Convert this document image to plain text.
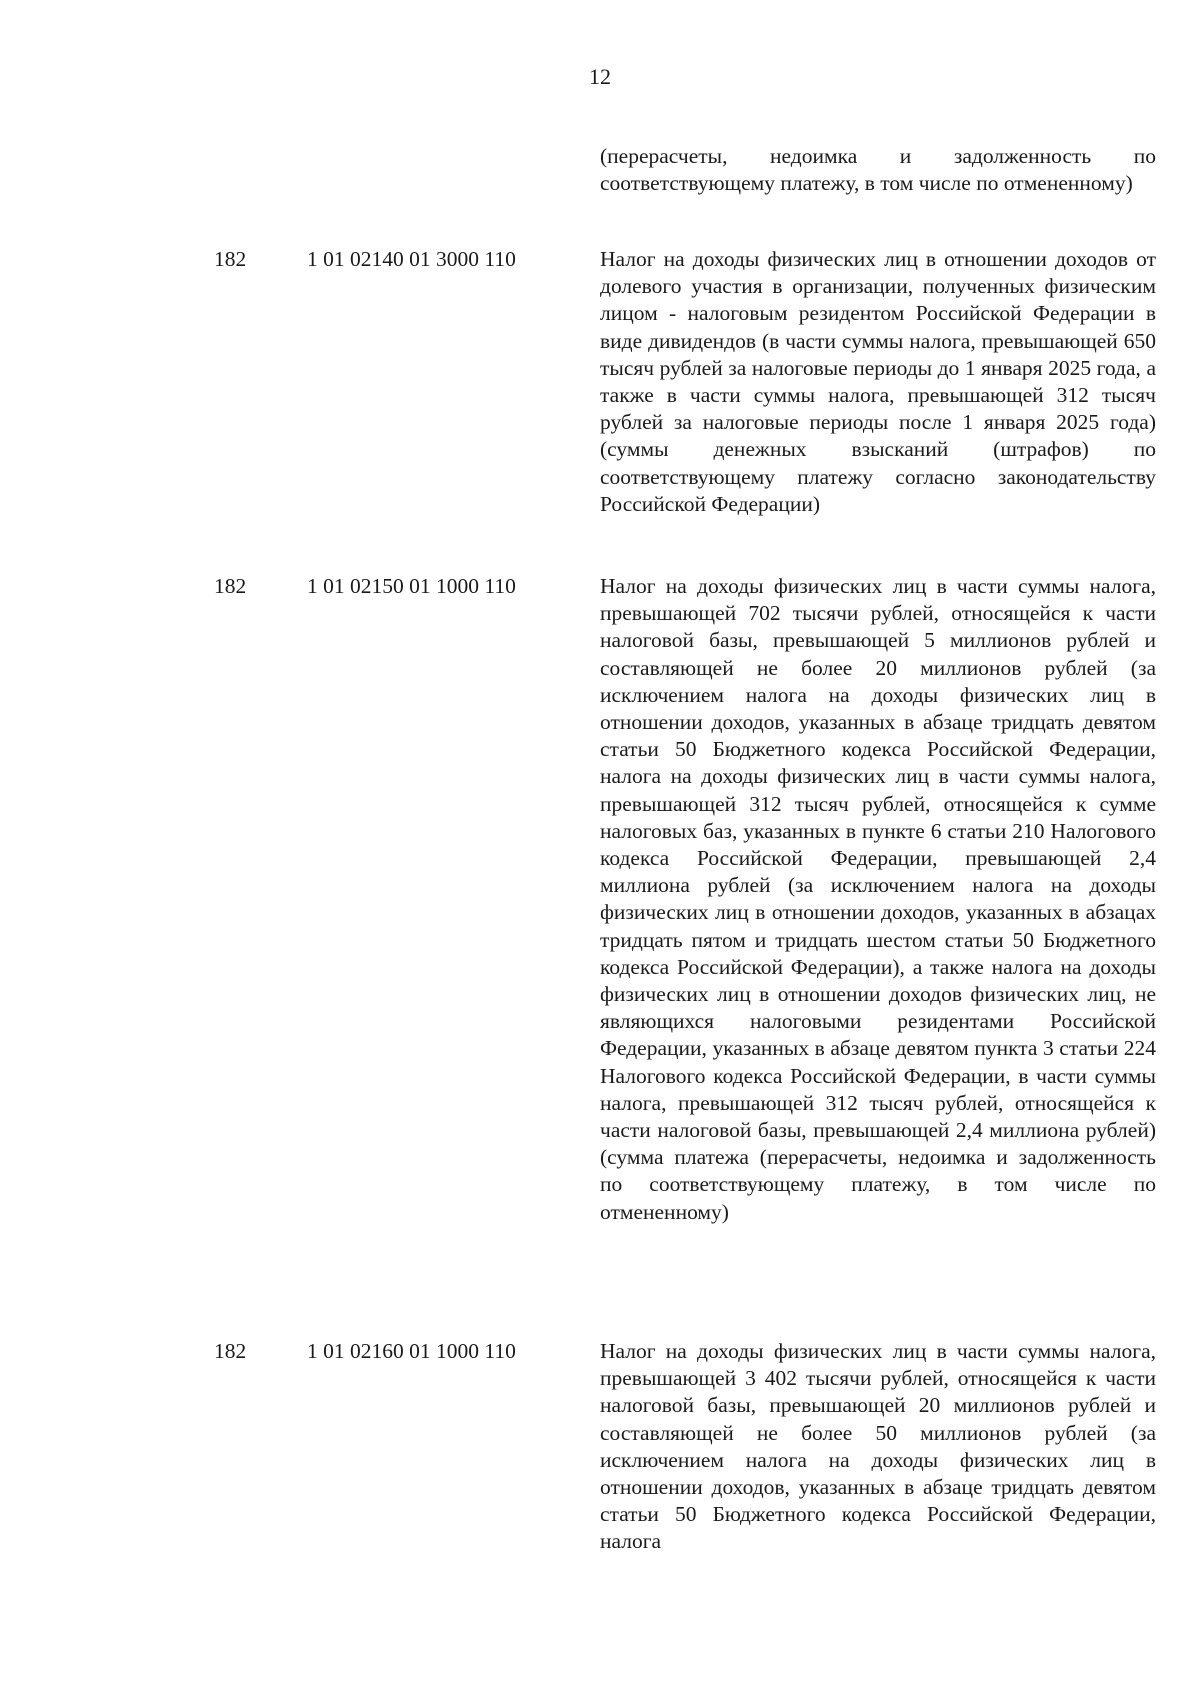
12
(перерасчеты, недоимка и задолженность по соответствующему платежу, в том числе по отмененному)
182	1 01 02140 01 3000 110	Налог на доходы физических лиц в отношении доходов от долевого участия в организации, полученных физическим лицом - налоговым резидентом Российской Федерации в виде дивидендов (в части суммы налога, превышающей 650 тысяч рублей за налоговые периоды до 1 января 2025 года, а также в части суммы налога, превышающей 312 тысяч рублей за налоговые периоды после 1 января 2025 года) (суммы денежных взысканий (штрафов) по соответствующему платежу согласно законодательству Российской Федерации)
182	1 01 02150 01 1000 110	Налог на доходы физических лиц в части суммы налога, превышающей 702 тысячи рублей, относящейся к части налоговой базы, превышающей 5 миллионов рублей и составляющей не более 20 миллионов рублей (за исключением налога на доходы физических лиц в отношении доходов, указанных в абзаце тридцать девятом статьи 50 Бюджетного кодекса Российской Федерации, налога на доходы физических лиц в части суммы налога, превышающей 312 тысяч рублей, относящейся к сумме налоговых баз, указанных в пункте 6 статьи 210 Налогового кодекса Российской Федерации, превышающей 2,4 миллиона рублей (за исключением налога на доходы физических лиц в отношении доходов, указанных в абзацах тридцать пятом и тридцать шестом статьи 50 Бюджетного кодекса Российской Федерации), а также налога на доходы физических лиц в отношении доходов физических лиц, не являющихся налоговыми резидентами Российской Федерации, указанных в абзаце девятом пункта 3 статьи 224 Налогового кодекса Российской Федерации, в части суммы налога, превышающей 312 тысяч рублей, относящейся к части налоговой базы, превышающей 2,4 миллиона рублей) (сумма платежа (перерасчеты, недоимка и задолженность по соответствующему платежу, в том числе по отмененному)
182	1 01 02160 01 1000 110	Налог на доходы физических лиц в части суммы налога, превышающей 3 402 тысячи рублей, относящейся к части налоговой базы, превышающей 20 миллионов рублей и составляющей не более 50 миллионов рублей (за исключением налога на доходы физических лиц в отношении доходов, указанных в абзаце тридцать девятом статьи 50 Бюджетного кодекса Российской Федерации, налога
